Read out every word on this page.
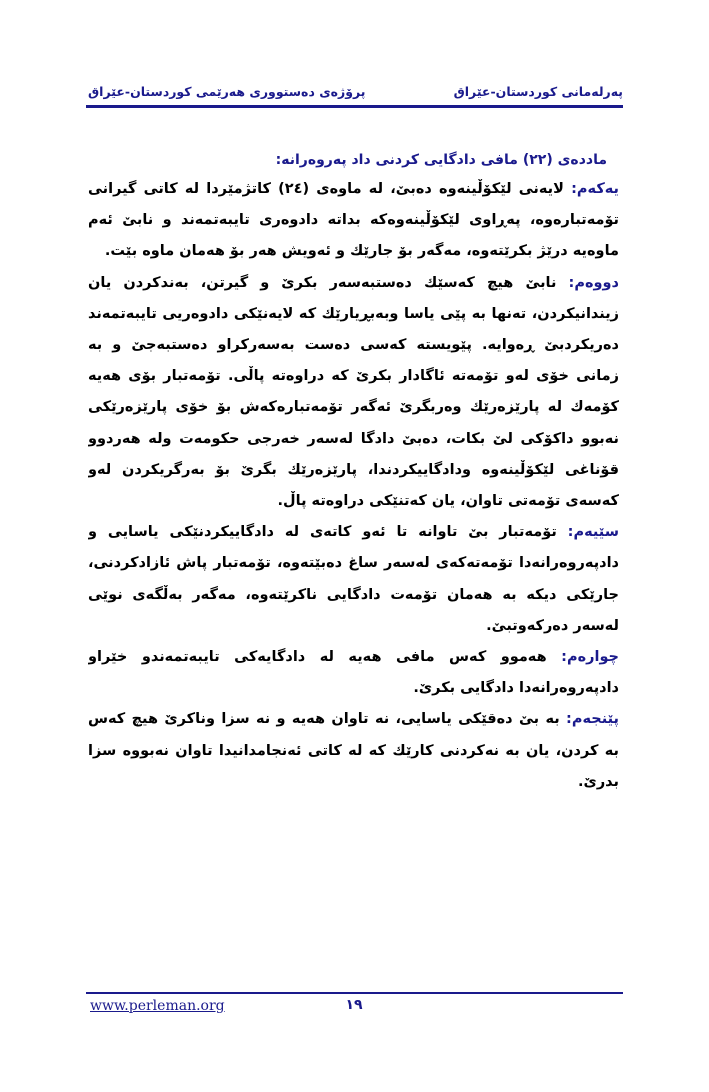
پەرلەمانی کوردستان-عێراق
پرۆژەی دەستووری هەرێمی کوردستان-عێراق

ماددەی (٢٢) مافی دادگایی کردنی داد پەروەرانە:

یەکەم: لایەنی لێکۆڵینەوە دەبێ، لە ماوەی (٢٤) کاتژمێردا لە کاتی گیرانی تۆمەتبارەوە، پەڕاوی لێکۆڵینەوەکە بداتە دادوەری تایبەتمەند و نابێ ئەم ماوەیە درێژ بکرێتەوە، مەگەر بۆ جارێك و ئەویش هەر بۆ هەمان ماوە بێت.

دووەم: نابێ هیچ کەسێك دەستبەسەر بکرێ و گیرتن، بەندکردن یان زیندانیکردن، تەنها بە پێی یاسا وبەبڕیارێك کە لایەنێکی دادوەریی تایبەتمەند دەریکردبێ ڕەوایە. پێویستە کەسی دەست بەسەرکراو دەستبەجێ و بە زمانی خۆی لەو تۆمەتە ئاگادار بکرێ کە دراوەتە پاڵی. تۆمەتبار بۆی هەیە کۆمەك لە پارێزەرێك وەربگرێ ئەگەر تۆمەتبارەکەش بۆ خۆی پارێزەرێکی نەبوو داکۆکی لێ بکات، دەبێ دادگا لەسەر خەرجی حکومەت ولە هەردوو قۆناغی لێکۆڵینەوە ودادگاییکردندا، پارێزەرێك بگرێ بۆ بەرگریکردن لەو کەسەی تۆمەتی تاوان، یان کەتنێکی دراوەتە پاڵ.

سێیەم: تۆمەتبار بێ تاوانە تا ئەو کاتەی لە دادگاییکردنێکی یاسایی و دادپەروەرانەدا تۆمەتەکەی لەسەر ساغ دەبێتەوە، تۆمەتبار پاش ئازادکردنی، جارێکی دیکە بە هەمان تۆمەت دادگایی ناکرێتەوە، مەگەر بەڵگەی نوێی لەسەر دەرکەوتبێ.

چوارەم: هەموو کەس مافی هەیە لە دادگایەکی تایبەتمەندو خێراو دادپەروەرانەدا دادگایی بکرێ.

پێنجەم: بە بێ دەقێکی یاسایی، نە تاوان هەیە و نە سزا وناکرێ هیچ کەس بە کردن، یان بە نەکردنی کارێك کە لە کاتی ئەنجامدانیدا تاوان نەبووە سزا بدرێ.

www.perleman.org	١٩
